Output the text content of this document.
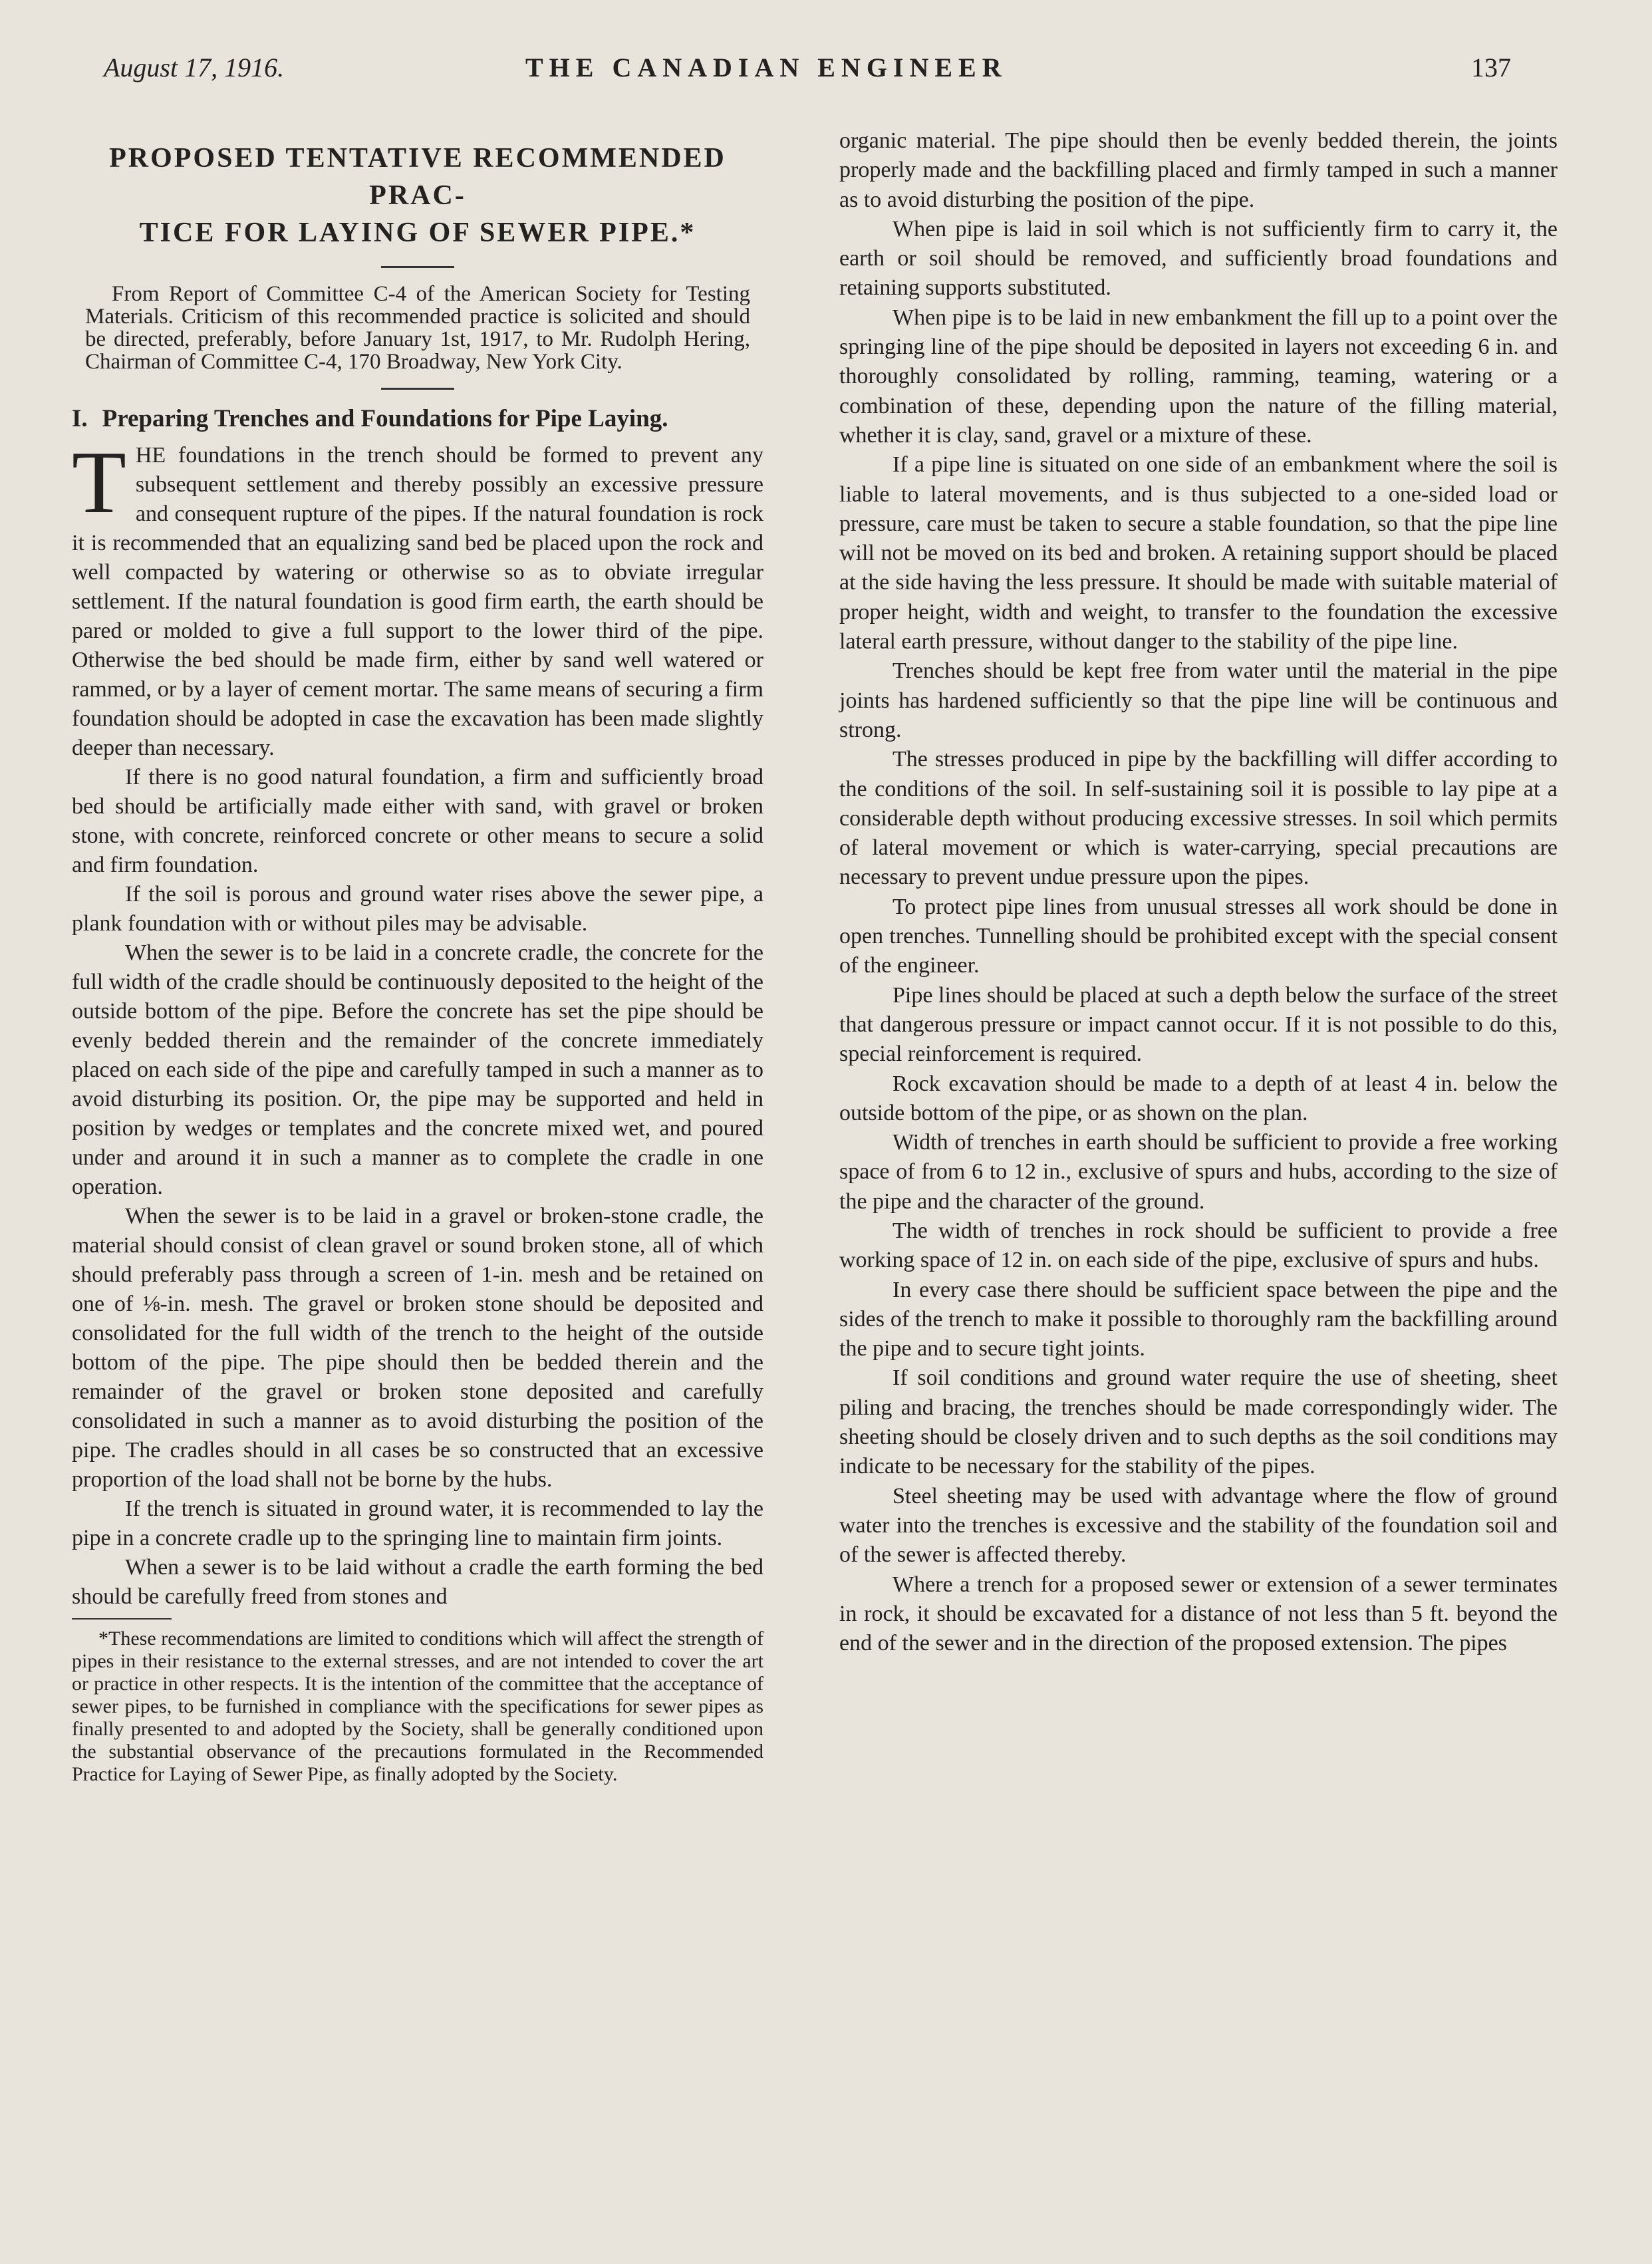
August 17, 1916.	THE CANADIAN ENGINEER	137
PROPOSED TENTATIVE RECOMMENDED PRAC-
TICE FOR LAYING OF SEWER PIPE.*
From Report of Committee C-4 of the American Society for Testing Materials. Criticism of this recommended practice is solicited and should be directed, preferably, before January 1st, 1917, to Mr. Rudolph Hering, Chairman of Committee C-4, 170 Broadway, New York City.
I. Preparing Trenches and Foundations for Pipe Laying.

THE foundations in the trench should be formed to prevent any subsequent settlement and thereby possibly an excessive pressure and consequent rupture of the pipes. If the natural foundation is rock it is recommended that an equalizing sand bed be placed upon the rock and well compacted by watering or otherwise so as to obviate irregular settlement. If the natural foundation is good firm earth, the earth should be pared or molded to give a full support to the lower third of the pipe. Otherwise the bed should be made firm, either by sand well watered or rammed, or by a layer of cement mortar. The same means of securing a firm foundation should be adopted in case the excavation has been made slightly deeper than necessary.

If there is no good natural foundation, a firm and sufficiently broad bed should be artificially made either with sand, with gravel or broken stone, with concrete, reinforced concrete or other means to secure a solid and firm foundation.

If the soil is porous and ground water rises above the sewer pipe, a plank foundation with or without piles may be advisable.

When the sewer is to be laid in a concrete cradle, the concrete for the full width of the cradle should be continuously deposited to the height of the outside bottom of the pipe. Before the concrete has set the pipe should be evenly bedded therein and the remainder of the concrete immediately placed on each side of the pipe and carefully tamped in such a manner as to avoid disturbing its position. Or, the pipe may be supported and held in position by wedges or templates and the concrete mixed wet, and poured under and around it in such a manner as to complete the cradle in one operation.

When the sewer is to be laid in a gravel or broken-stone cradle, the material should consist of clean gravel or sound broken stone, all of which should preferably pass through a screen of 1-in. mesh and be retained on one of ⅛-in. mesh. The gravel or broken stone should be deposited and consolidated for the full width of the trench to the height of the outside bottom of the pipe. The pipe should then be bedded therein and the remainder of the gravel or broken stone deposited and carefully consolidated in such a manner as to avoid disturbing the position of the pipe. The cradles should in all cases be so constructed that an excessive proportion of the load shall not be borne by the hubs.

If the trench is situated in ground water, it is recommended to lay the pipe in a concrete cradle up to the springing line to maintain firm joints.

When a sewer is to be laid without a cradle the earth forming the bed should be carefully freed from stones and

*These recommendations are limited to conditions which will affect the strength of pipes in their resistance to the external stresses, and are not intended to cover the art or practice in other respects. It is the intention of the committee that the acceptance of sewer pipes, to be furnished in compliance with the specifications for sewer pipes as finally presented to and adopted by the Society, shall be generally conditioned upon the substantial observance of the precautions formulated in the Recommended Practice for Laying of Sewer Pipe, as finally adopted by the Society.

organic material. The pipe should then be evenly bedded therein, the joints properly made and the backfilling placed and firmly tamped in such a manner as to avoid disturbing the position of the pipe.

When pipe is laid in soil which is not sufficiently firm to carry it, the earth or soil should be removed, and sufficiently broad foundations and retaining supports substituted.

When pipe is to be laid in new embankment the fill up to a point over the springing line of the pipe should be deposited in layers not exceeding 6 in. and thoroughly consolidated by rolling, ramming, teaming, watering or a combination of these, depending upon the nature of the filling material, whether it is clay, sand, gravel or a mixture of these.

If a pipe line is situated on one side of an embankment where the soil is liable to lateral movements, and is thus subjected to a one-sided load or pressure, care must be taken to secure a stable foundation, so that the pipe line will not be moved on its bed and broken. A retaining support should be placed at the side having the less pressure. It should be made with suitable material of proper height, width and weight, to transfer to the foundation the excessive lateral earth pressure, without danger to the stability of the pipe line.

Trenches should be kept free from water until the material in the pipe joints has hardened sufficiently so that the pipe line will be continuous and strong.

The stresses produced in pipe by the backfilling will differ according to the conditions of the soil. In self-sustaining soil it is possible to lay pipe at a considerable depth without producing excessive stresses. In soil which permits of lateral movement or which is water-carrying, special precautions are necessary to prevent undue pressure upon the pipes.

To protect pipe lines from unusual stresses all work should be done in open trenches. Tunnelling should be prohibited except with the special consent of the engineer.

Pipe lines should be placed at such a depth below the surface of the street that dangerous pressure or impact cannot occur. If it is not possible to do this, special reinforcement is required.

Rock excavation should be made to a depth of at least 4 in. below the outside bottom of the pipe, or as shown on the plan.

Width of trenches in earth should be sufficient to provide a free working space of from 6 to 12 in., exclusive of spurs and hubs, according to the size of the pipe and the character of the ground.

The width of trenches in rock should be sufficient to provide a free working space of 12 in. on each side of the pipe, exclusive of spurs and hubs.

In every case there should be sufficient space between the pipe and the sides of the trench to make it possible to thoroughly ram the backfilling around the pipe and to secure tight joints.

If soil conditions and ground water require the use of sheeting, sheet piling and bracing, the trenches should be made correspondingly wider. The sheeting should be closely driven and to such depths as the soil conditions may indicate to be necessary for the stability of the pipes.

Steel sheeting may be used with advantage where the flow of ground water into the trenches is excessive and the stability of the foundation soil and of the sewer is affected thereby.

Where a trench for a proposed sewer or extension of a sewer terminates in rock, it should be excavated for a distance of not less than 5 ft. beyond the end of the sewer and in the direction of the proposed extension. The pipes
